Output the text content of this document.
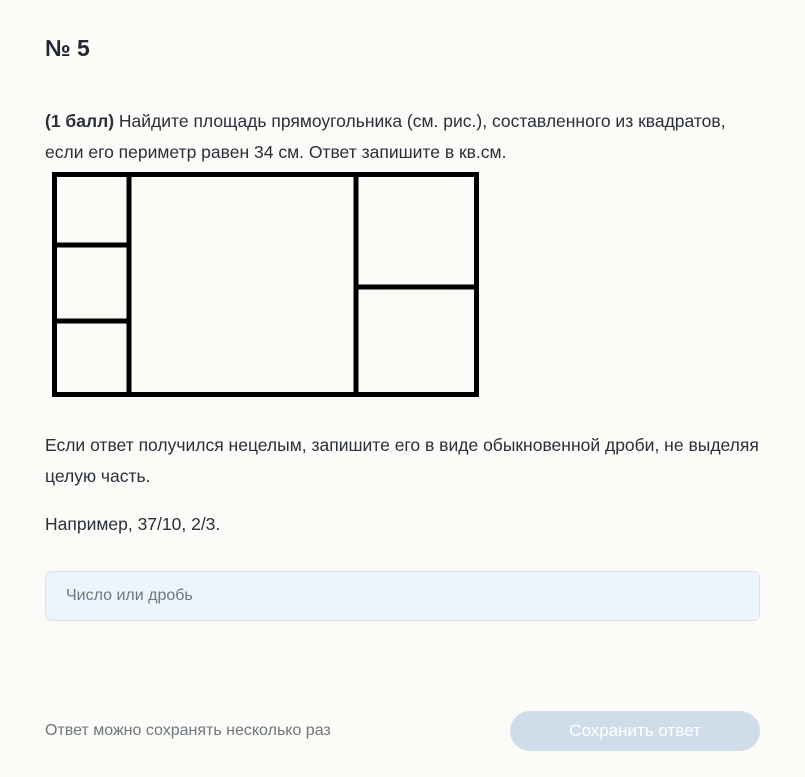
№ 5

(1 балл) Найдите площадь прямоугольника (см. рис.), составленного из квадратов, если его периметр равен 34 см. Ответ запишите в кв.см.

Если ответ получился нецелым, запишите его в виде обыкновенной дроби, не выделяя целую часть.

Например, 37/10, 2/3.

Число или дробь

Ответ можно сохранять несколько раз	Сохранить ответ
